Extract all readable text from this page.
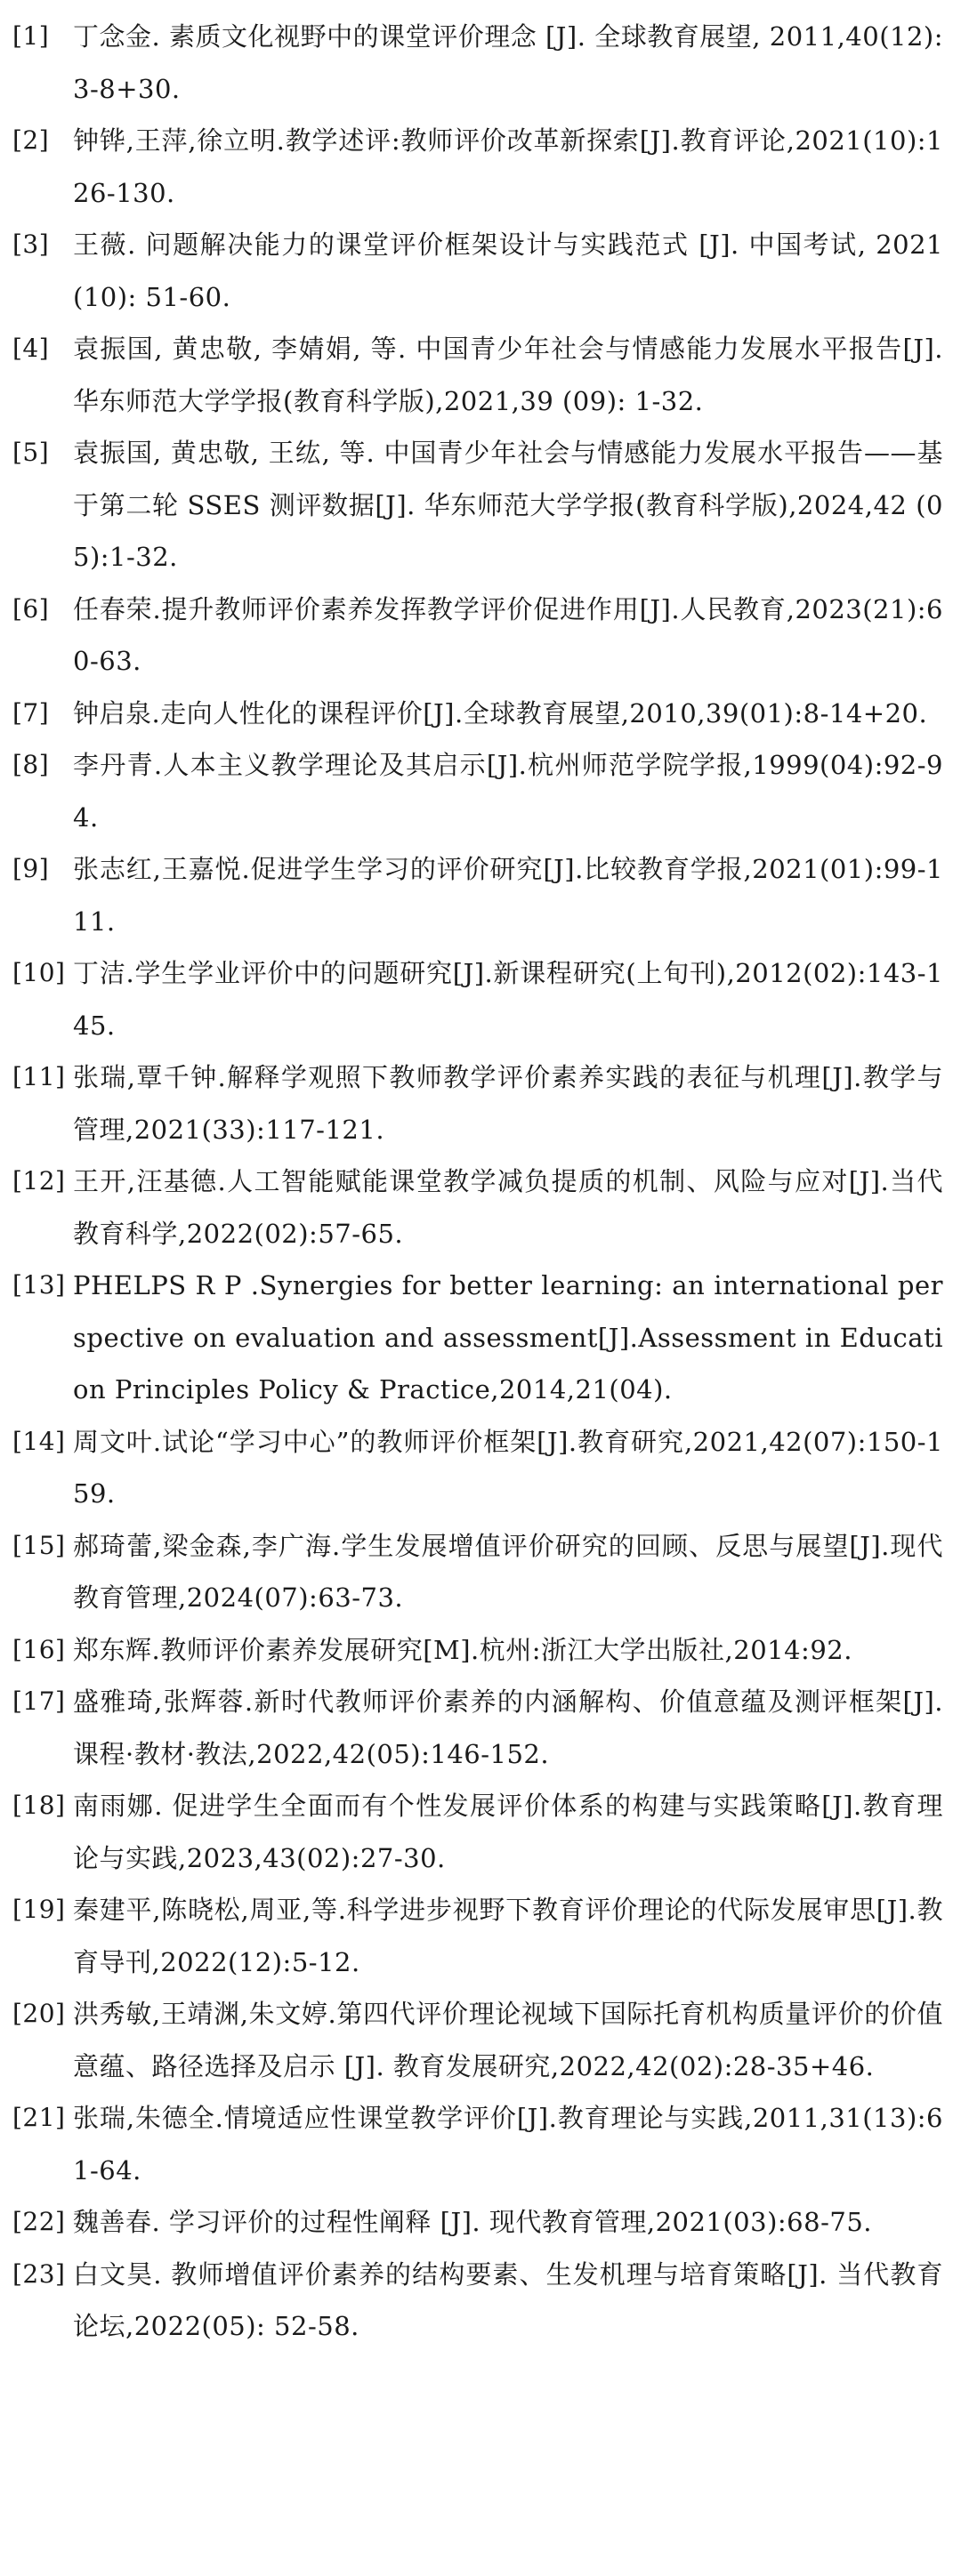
[1] 丁念金. 素质文化视野中的课堂评价理念 [J]. 全球教育展望, 2011,40(12):3-8+30.
[2] 钟铧,王萍,徐立明.教学述评:教师评价改革新探索[J].教育评论,2021(10):126-130.
[3] 王薇. 问题解决能力的课堂评价框架设计与实践范式 [J]. 中国考试, 2021 (10): 51-60.
[4] 袁振国, 黄忠敬, 李婧娟, 等. 中国青少年社会与情感能力发展水平报告[J]. 华东师范大学学报(教育科学版),2021,39 (09): 1-32.
[5] 袁振国, 黄忠敬, 王纮, 等. 中国青少年社会与情感能力发展水平报告——基于第二轮 SSES 测评数据[J]. 华东师范大学学报(教育科学版),2024,42 (05):1-32.
[6] 任春荣.提升教师评价素养发挥教学评价促进作用[J].人民教育,2023(21):60-63.
[7] 钟启泉.走向人性化的课程评价[J].全球教育展望,2010,39(01):8-14+20.
[8] 李丹青.人本主义教学理论及其启示[J].杭州师范学院学报,1999(04):92-94.
[9] 张志红,王嘉悦.促进学生学习的评价研究[J].比较教育学报,2021(01):99-111.
[10] 丁洁.学生学业评价中的问题研究[J].新课程研究(上旬刊),2012(02):143-145.
[11] 张瑞,覃千钟.解释学观照下教师教学评价素养实践的表征与机理[J].教学与管理,2021(33):117-121.
[12] 王开,汪基德.人工智能赋能课堂教学减负提质的机制、风险与应对[J].当代教育科学,2022(02):57-65.
[13] PHELPS R P .Synergies for better learning: an international perspective on evaluation and assessment[J].Assessment in Education Principles Policy & Practice,2014,21(04).
[14] 周文叶.试论“学习中心”的教师评价框架[J].教育研究,2021,42(07):150-159.
[15] 郝琦蕾,梁金森,李广海.学生发展增值评价研究的回顾、反思与展望[J].现代教育管理,2024(07):63-73.
[16] 郑东辉.教师评价素养发展研究[M].杭州:浙江大学出版社,2014:92.
[17] 盛雅琦,张辉蓉.新时代教师评价素养的内涵解构、价值意蕴及测评框架[J].课程·教材·教法,2022,42(05):146-152.
[18] 南雨娜. 促进学生全面而有个性发展评价体系的构建与实践策略[J].教育理论与实践,2023,43(02):27-30.
[19] 秦建平,陈晓松,周亚,等.科学进步视野下教育评价理论的代际发展审思[J].教育导刊,2022(12):5-12.
[20] 洪秀敏,王靖渊,朱文婷.第四代评价理论视域下国际托育机构质量评价的价值意蕴、路径选择及启示 [J]. 教育发展研究,2022,42(02):28-35+46.
[21] 张瑞,朱德全.情境适应性课堂教学评价[J].教育理论与实践,2011,31(13):61-64.
[22] 魏善春. 学习评价的过程性阐释 [J]. 现代教育管理,2021(03):68-75.
[23] 白文昊. 教师增值评价素养的结构要素、生发机理与培育策略[J]. 当代教育论坛,2022(05): 52-58.
